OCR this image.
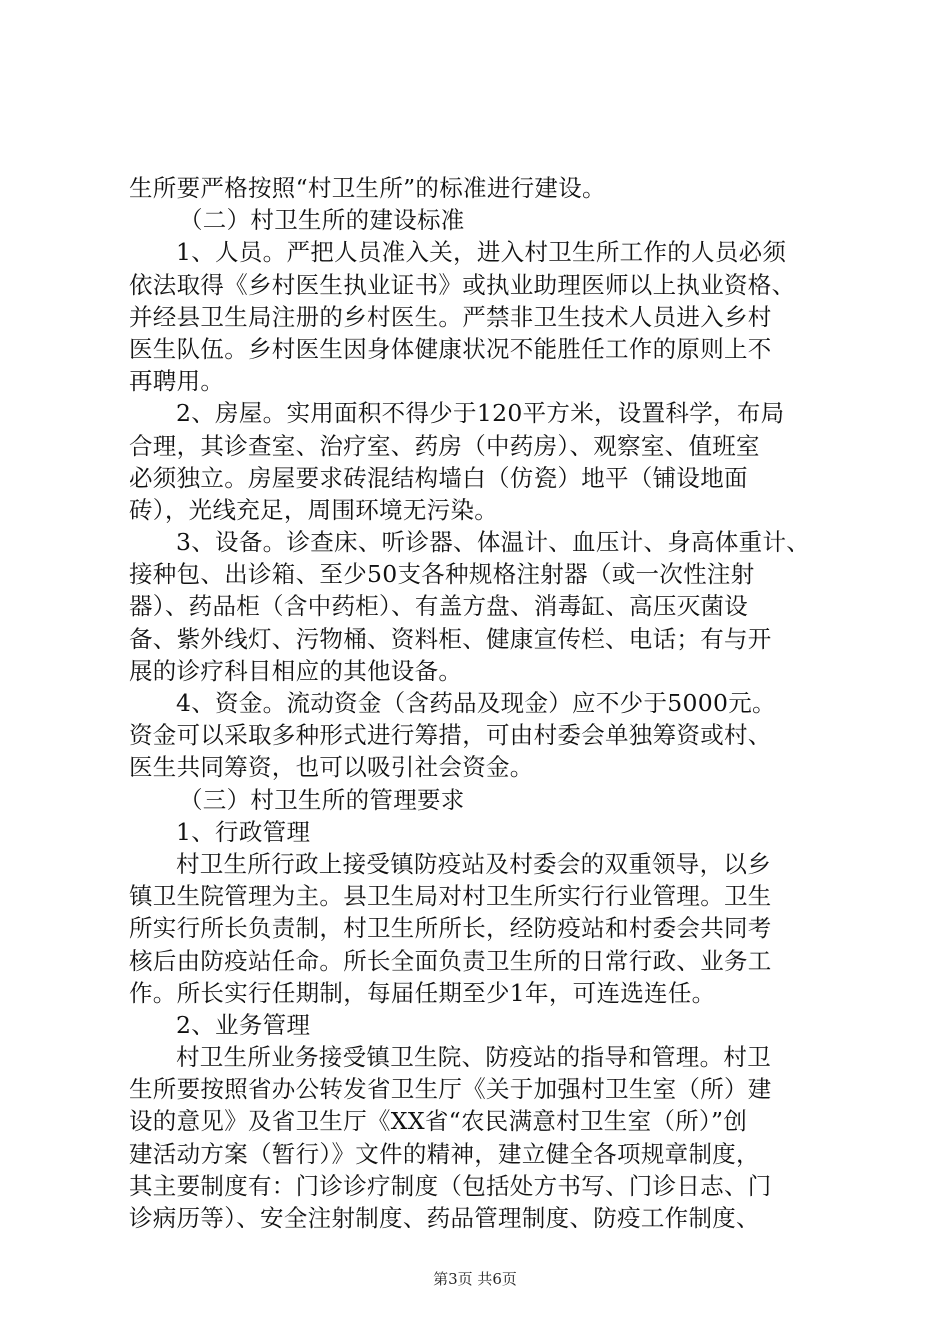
生所要严格按照“村卫生所”的标准进行建设。
（二）村卫生所的建设标准
1、人员。严把人员准入关，进入村卫生所工作的人员必须
依法取得《乡村医生执业证书》或执业助理医师以上执业资格、
并经县卫生局注册的乡村医生。严禁非卫生技术人员进入乡村
医生队伍。乡村医生因身体健康状况不能胜任工作的原则上不
再聘用。
2、房屋。实用面积不得少于120平方米，设置科学，布局
合理，其诊查室、治疗室、药房（中药房）、观察室、值班室
必须独立。房屋要求砖混结构墙白（仿瓷）地平（铺设地面
砖），光线充足，周围环境无污染。
3、设备。诊查床、听诊器、体温计、血压计、身高体重计、
接种包、出诊箱、至少50支各种规格注射器（或一次性注射
器）、药品柜（含中药柜）、有盖方盘、消毒缸、高压灭菌设
备、紫外线灯、污物桶、资料柜、健康宣传栏、电话；有与开
展的诊疗科目相应的其他设备。
4、资金。流动资金（含药品及现金）应不少于5000元。
资金可以采取多种形式进行筹措，可由村委会单独筹资或村、
医生共同筹资，也可以吸引社会资金。
（三）村卫生所的管理要求
1、行政管理
村卫生所行政上接受镇防疫站及村委会的双重领导，以乡
镇卫生院管理为主。县卫生局对村卫生所实行行业管理。卫生
所实行所长负责制，村卫生所所长，经防疫站和村委会共同考
核后由防疫站任命。所长全面负责卫生所的日常行政、业务工
作。所长实行任期制，每届任期至少1年，可连选连任。
2、业务管理
村卫生所业务接受镇卫生院、防疫站的指导和管理。村卫
生所要按照省办公转发省卫生厅《关于加强村卫生室（所）建
设的意见》及省卫生厅《XX省“农民满意村卫生室（所）”创
建活动方案（暂行）》文件的精神，建立健全各项规章制度，
其主要制度有：门诊诊疗制度（包括处方书写、门诊日志、门
诊病历等）、安全注射制度、药品管理制度、防疫工作制度、
第3页 共6页
